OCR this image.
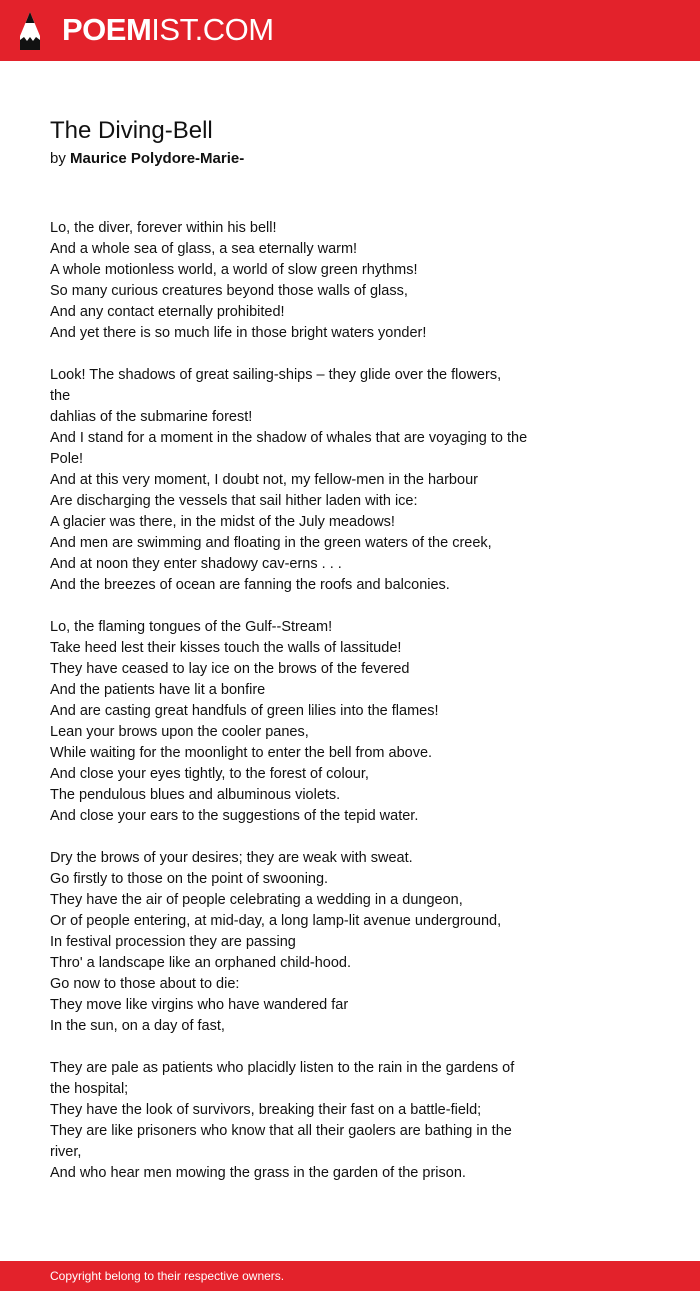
POEMIST.COM
The Diving-Bell
by Maurice Polydore-Marie-
Lo, the diver, forever within his bell!
And a whole sea of glass, a sea eternally warm!
A whole motionless world, a world of slow green rhythms!
So many curious creatures beyond those walls of glass,
And any contact eternally prohibited!
And yet there is so much life in those bright waters yonder!
Look! The shadows of great sailing-ships – they glide over the flowers,
the
dahlias of the submarine forest!
And I stand for a moment in the shadow of whales that are voyaging to the
Pole!
And at this very moment, I doubt not, my fellow-men in the harbour
Are discharging the vessels that sail hither laden with ice:
A glacier was there, in the midst of the July meadows!
And men are swimming and floating in the green waters of the creek,
And at noon they enter shadowy cav-erns . . .
And the breezes of ocean are fanning the roofs and balconies.
Lo, the flaming tongues of the Gulf--Stream!
Take heed lest their kisses touch the walls of lassitude!
They have ceased to lay ice on the brows of the fevered
And the patients have lit a bonfire
And are casting great handfuls of green lilies into the flames!
Lean your brows upon the cooler panes,
While waiting for the moonlight to enter the bell from above.
And close your eyes tightly, to the forest of colour,
The pendulous blues and albuminous violets.
And close your ears to the suggestions of the tepid water.
Dry the brows of your desires; they are weak with sweat.
Go firstly to those on the point of swooning.
They have the air of people celebrating a wedding in a dungeon,
Or of people entering, at mid-day, a long lamp-lit avenue underground,
In festival procession they are passing
Thro' a landscape like an orphaned child-hood.
Go now to those about to die:
They move like virgins who have wandered far
In the sun, on a day of fast,
They are pale as patients who placidly listen to the rain in the gardens of
the hospital;
They have the look of survivors, breaking their fast on a battle-field;
They are like prisoners who know that all their gaolers are bathing in the
river,
And who hear men mowing the grass in the garden of the prison.
Copyright belong to their respective owners.
